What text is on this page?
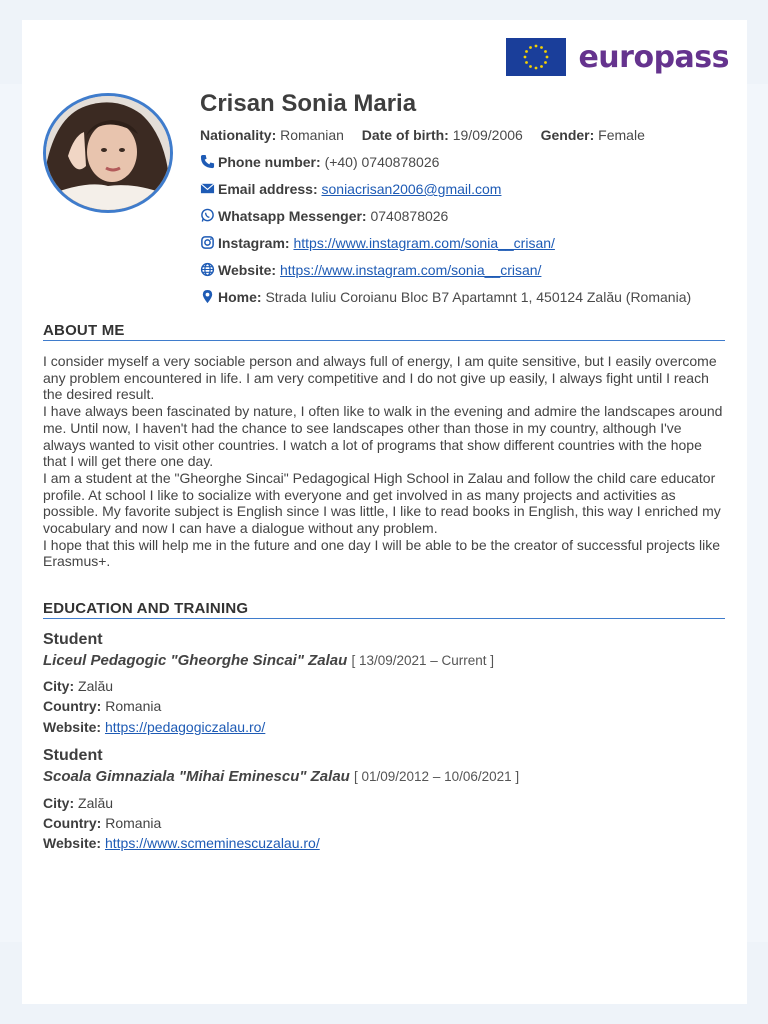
europass
Crisan Sonia Maria
Nationality: Romanian Date of birth: 19/09/2006 Gender: Female
Phone number: (+40) 0740878026
Email address: soniacrisan2006@gmail.com
Whatsapp Messenger: 0740878026
Instagram: https://www.instagram.com/sonia__crisan/
Website: https://www.instagram.com/sonia__crisan/
Home: Strada Iuliu Coroianu Bloc B7 Apartamnt 1, 450124 Zalău (Romania)
ABOUT ME

I consider myself a very sociable person and always full of energy, I am quite sensitive, but I easily overcome any problem encountered in life. I am very competitive and I do not give up easily, I always fight until I reach the desired result.

I have always been fascinated by nature, I often like to walk in the evening and admire the landscapes around me. Until now, I haven't had the chance to see landscapes other than those in my country, although I've always wanted to visit other countries. I watch a lot of programs that show different countries with the hope that I will get there one day.

I am a student at the "Gheorghe Sincai" Pedagogical High School in Zalau and follow the child care educator profile. At school I like to socialize with everyone and get involved in as many projects and activities as possible. My favorite subject is English since I was little, I like to read books in English, this way I enriched my vocabulary and now I can have a dialogue without any problem.

I hope that this will help me in the future and one day I will be able to be the creator of successful projects like Erasmus+.

EDUCATION AND TRAINING
Student
Liceul Pedagogic "Gheorghe Sincai" Zalau [ 13/09/2021 – Current ]
City: Zalău
Country: Romania
Website: https://pedagogiczalau.ro/
Student
Scoala Gimnaziala "Mihai Eminescu" Zalau [ 01/09/2012 – 10/06/2021 ]
City: Zalău
Country: Romania
Website: https://www.scmeminescuzalau.ro/
